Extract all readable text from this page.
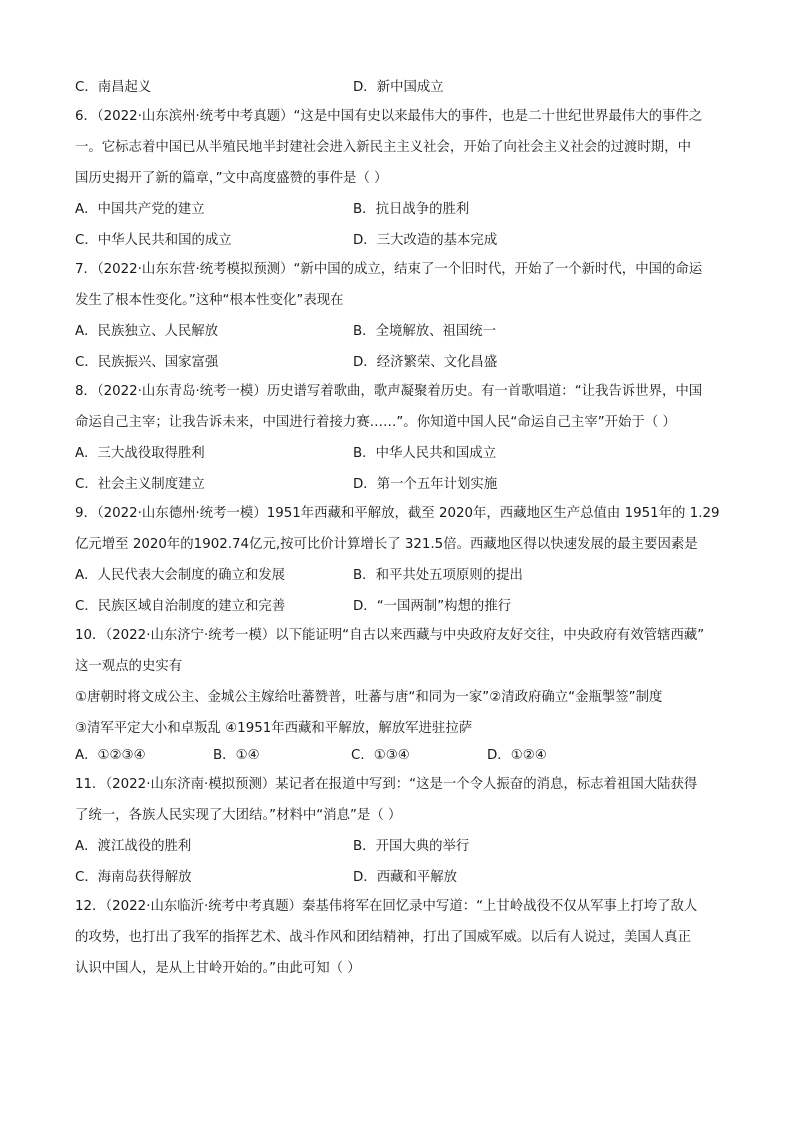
C．南昌起义	D．新中国成立
6．（2022·山东滨州·统考中考真题）“这是中国有史以来最伟大的事件，也是二十世纪世界最伟大的事件之
一。它标志着中国已从半殖民地半封建社会进入新民主主义社会，开始了向社会主义社会的过渡时期，中
国历史揭开了新的篇章，”文中高度盛赞的事件是（ ）
A．中国共产党的建立	B．抗日战争的胜利
C．中华人民共和国的成立	D．三大改造的基本完成
7．（2022·山东东营·统考模拟预测）“新中国的成立，结束了一个旧时代，开始了一个新时代，中国的命运
发生了根本性变化。”这种“根本性变化”表现在
A．民族独立、人民解放	B．全境解放、祖国统一
C．民族振兴、国家富强	D．经济繁荣、文化昌盛
8．（2022·山东青岛·统考一模）历史谱写着歌曲，歌声凝聚着历史。有一首歌唱道：“让我告诉世界，中国
命运自己主宰；让我告诉未来，中国进行着接力赛……”。你知道中国人民“命运自己主宰”开始于（ ）
A．三大战役取得胜利	B．中华人民共和国成立
C．社会主义制度建立	D．第一个五年计划实施
9．（2022·山东德州·统考一模）1951年西藏和平解放，截至 2020年，西藏地区生产总值由 1951年的 1.29
亿元增至 2020年的1902.74亿元,按可比价计算增长了 321.5倍。西藏地区得以快速发展的最主要因素是
A．人民代表大会制度的确立和发展	B．和平共处五项原则的提出
C．民族区域自治制度的建立和完善	D．“一国两制”构想的推行
10．（2022·山东济宁·统考一模）以下能证明“自古以来西藏与中央政府友好交往，中央政府有效管辖西藏”
这一观点的史实有
①唐朝时将文成公主、金城公主嫁给吐蕃赞普，吐蕃与唐“和同为一家”②清政府确立“金瓶掣签”制度
③清军平定大小和卓叛乱 ④1951年西藏和平解放，解放军进驻拉萨
A．①②③④	B．①④	C．①③④	D．①②④
11．（2022·山东济南·模拟预测）某记者在报道中写到：“这是一个令人振奋的消息，标志着祖国大陆获得
了统一，各族人民实现了大团结。”材料中“消息”是（ ）
A．渡江战役的胜利	B．开国大典的举行
C．海南岛获得解放	D．西藏和平解放
12．（2022·山东临沂·统考中考真题）秦基伟将军在回忆录中写道：“上甘岭战役不仅从军事上打垮了敌人
的攻势，也打出了我军的指挥艺术、战斗作风和团结精神，打出了国威军威。以后有人说过，美国人真正
认识中国人，是从上甘岭开始的。”由此可知（ ）
